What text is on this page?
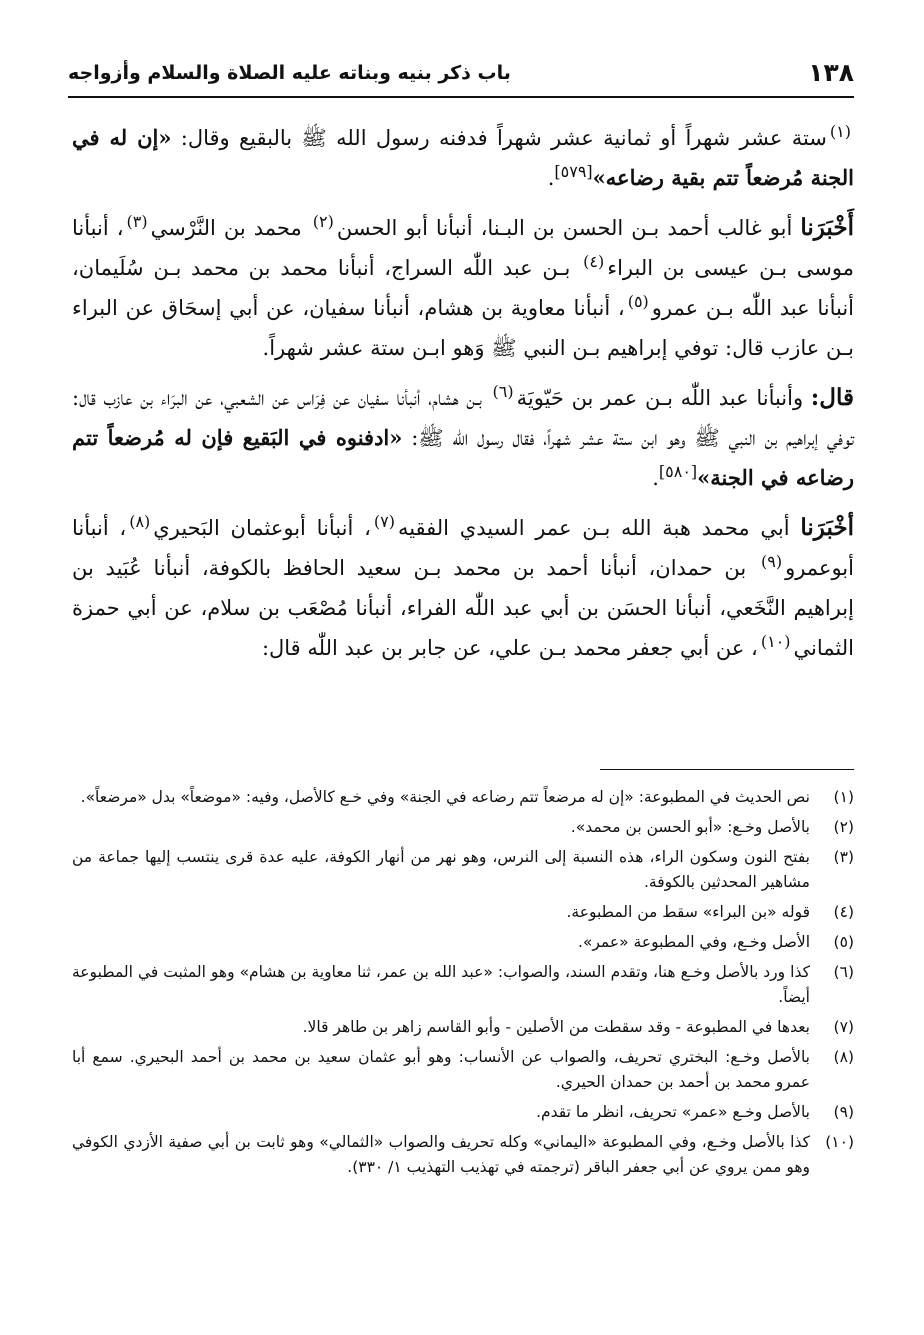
١٣٨
باب ذكر بنيه وبناته عليه الصلاة والسلام وأزواجه

$^{(١)}$ستة عشر شهراً أو ثمانية عشر شهراً فدفنه رسول الله ﷺ بالبقيع وقال: «إن له في الجنة مُرضعاً تتم بقية رضاعه»[٥٧٩].

أَخْبَرَنا أبو غالب أحمد بـن الحسن بن البـنا، أنبأنا أبو الحسن$^{(٢)}$ محمد بن النَّرْسي$^{(٣)}$، أنبأنا موسى بـن عيسى بن البراء$^{(٤)}$ بـن عبد اللّٰه السراج، أنبأنا محمد بن محمد بـن سُلَيمان، أنبأنا عبد اللّٰه بـن عمرو$^{(٥)}$، أنبأنا معاوية بن هشام، أنبأنا سفيان، عن أبي إسحَاق عن البراء بـن عازب قال: توفي إبراهيم بـن النبي ﷺ وَهو ابـن ستة عشر شهراً.

قال: وأنبأنا عبد اللّٰه بـن عمر بن حَيّويَة$^{(٦)}$ بـن هشام، أنبأنا سفيان عن فِرَاس عن الشعبي، عن البرَاء بن عازب قال: توفي إبراهيم بن النبي ﷺ وهو ابن ستة عشر شهراً، فقال رسول الله ﷺ: «ادفنوه في البَقيع فإن له مُرضعاً تتم رضاعه في الجنة»[٥٨٠].

أخْبَرَنا أبي محمد هبة الله بـن عمر السيدي الفقيه$^{(٧)}$، أنبأنا أبوعثمان البَحيري$^{(٨)}$، أنبأنا أبوعمرو$^{(٩)}$ بن حمدان، أنبأنا أحمد بن محمد بـن سعيد الحافظ بالكوفة، أنبأنا عُبَيد بن إبراهيم النَّخَعي، أنبأنا الحسَن بن أبي عبد اللّٰه الفراء، أنبأنا مُصْعَب بن سلام، عن أبي حمزة الثماني$^{(١٠)}$، عن أبي جعفر محمد بـن علي، عن جابر بن عبد اللّٰه قال:

(١)
نص الحديث في المطبوعة: «إن له مرضعاً تتم رضاعه في الجنة» وفي خـع كالأصل، وفيه: «موضعاً» بدل «مرضعاً».
(٢)
بالأصل وخـع: «أبو الحسن بن محمد».
(٣)
بفتح النون وسكون الراء، هذه النسبة إلى النرس، وهو نهر من أنهار الكوفة، عليه عدة قرى ينتسب إليها جماعة من مشاهير المحدثين بالكوفة.
(٤)
قوله «بن البراء» سقط من المطبوعة.
(٥)
الأصل وخـع، وفي المطبوعة «عمر».
(٦)
كذا ورد بالأصل وخـع هنا، وتقدم السند، والصواب: «عبد الله بن عمر، ثنا معاوية بن هشام» وهو المثبت في المطبوعة أيضاً.
(٧)
بعدها في المطبوعة - وقد سقطت من الأصلين - وأبو القاسم زاهر بن طاهر قالا.
(٨)
بالأصل وخـع: البختري تحريف، والصواب عن الأنساب: وهو أبو عثمان سعيد بن محمد بن أحمد البحيري. سمع أبا عمرو محمد بن أحمد بن حمدان الحيري.
(٩)
بالأصل وخـع «عمر» تحريف، انظر ما تقدم.
(١٠)
كذا بالأصل وخـع، وفي المطبوعة «اليماني» وكله تحريف والصواب «الثمالي» وهو ثابت بن أبي صفية الأزدي الكوفي وهو ممن يروي عن أبي جعفر الباقر (ترجمته في تهذيب التهذيب ١/ ٣٣٠).
